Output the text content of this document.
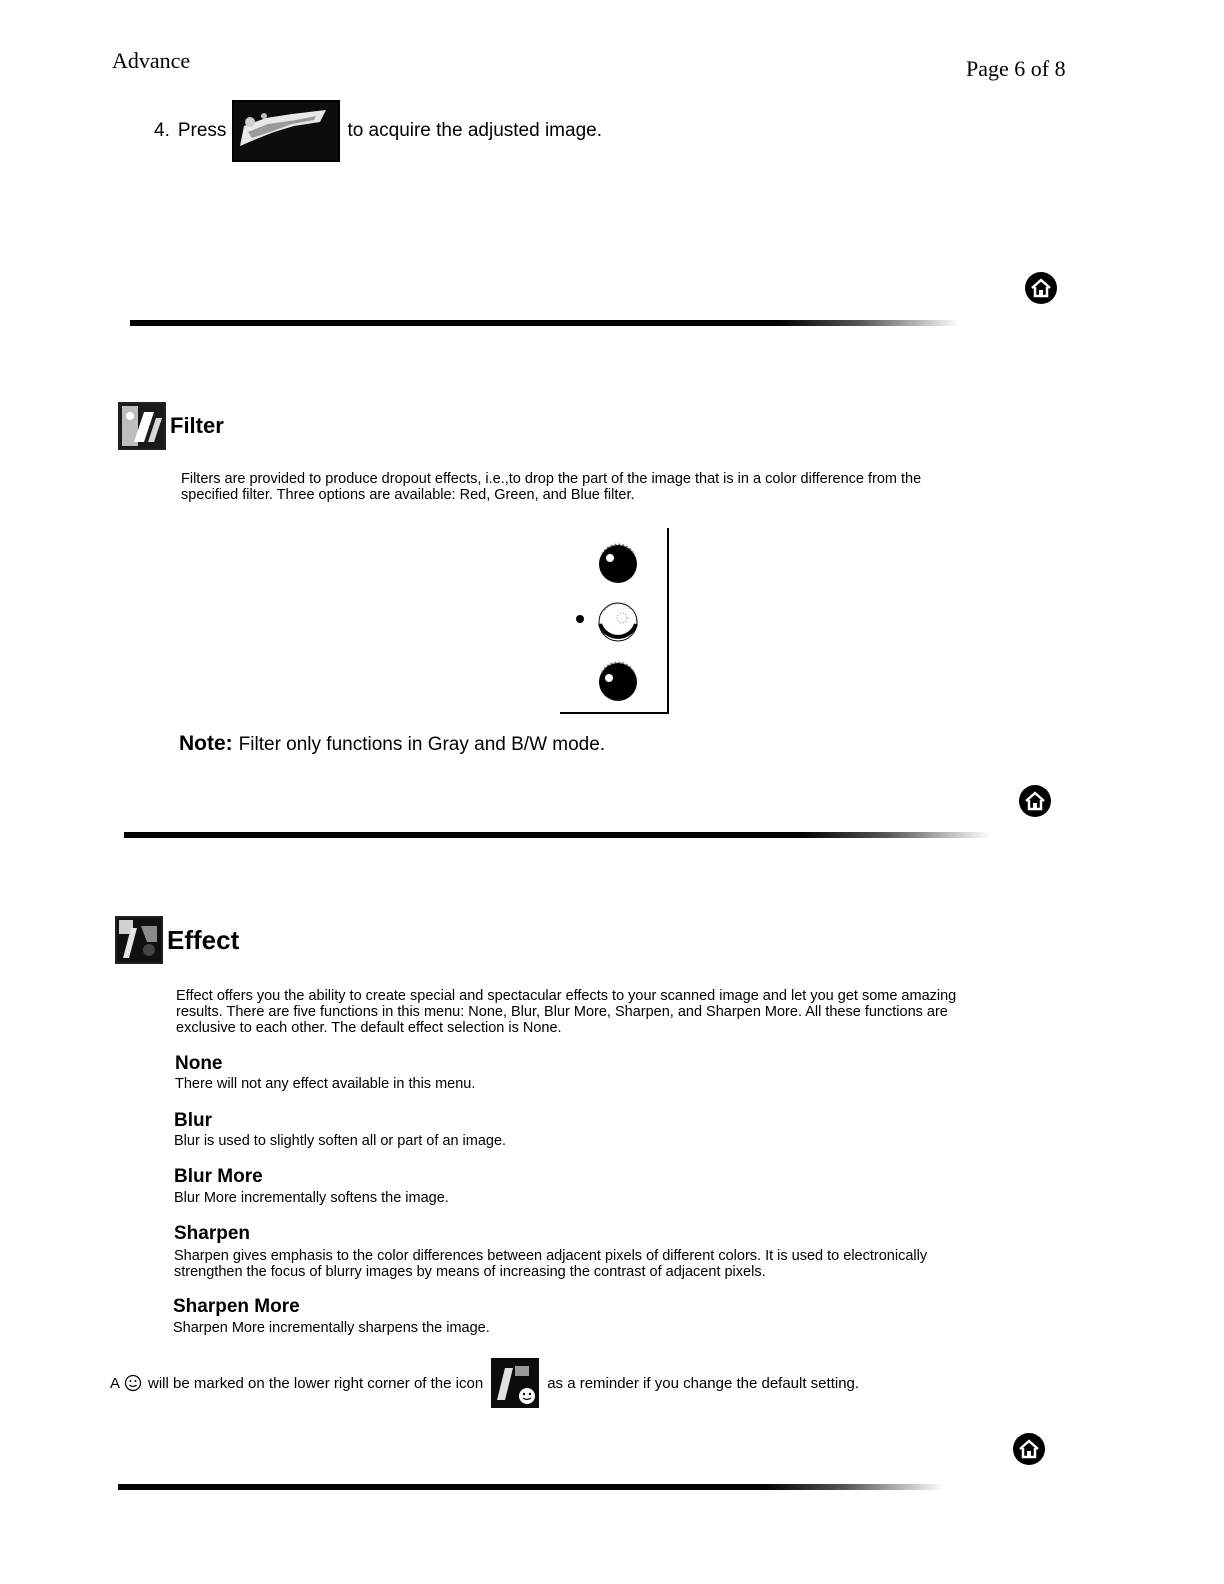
Advance	Page 6 of 8
4. Press	to acquire the adjusted image.
Filter
Filters are provided to produce dropout effects, i.e.,to drop the part of the image that is in a color difference from the specified filter. Three options are available: Red, Green, and Blue filter.
Note: Filter only functions in Gray and B/W mode.
Effect
Effect offers you the ability to create special and spectacular effects to your scanned image and let you get some amazing results. There are five functions in this menu: None, Blur, Blur More, Sharpen, and Sharpen More. All these functions are exclusive to each other. The default effect selection is None.
None
There will not any effect available in this menu.
Blur
Blur is used to slightly soften all or part of an image.
Blur More
Blur More incrementally softens the image.
Sharpen
Sharpen gives emphasis to the color differences between adjacent pixels of different colors. It is used to electronically strengthen the focus of blurry images by means of increasing the contrast of adjacent pixels.
Sharpen More
Sharpen More incrementally sharpens the image.
A will be marked on the lower right corner of the icon	as a reminder if you change the default setting.
